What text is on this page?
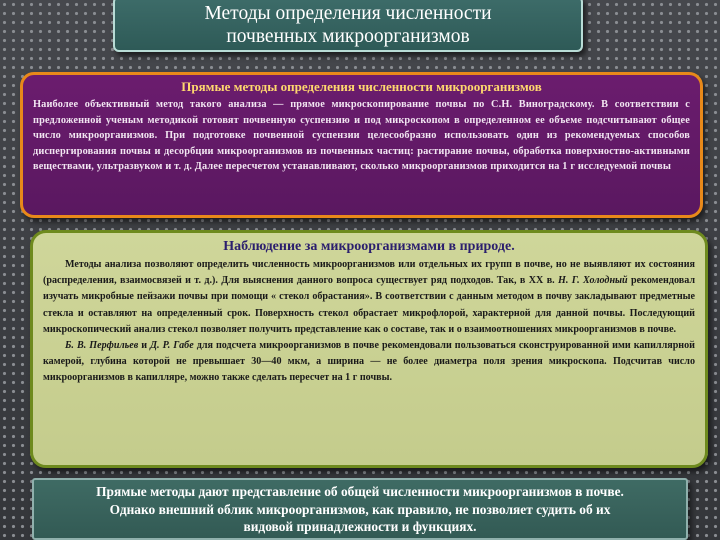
Методы определения численности
почвенных микроорганизмов
Прямые методы определения численности микроорганизмов
Наиболее объективный метод такого анализа — прямое микроскопирование почвы по С.Н. Виноградскому. В соответствии с предложенной ученым методикой готовят почвенную суспензию и под микроскопом в определенном ее объеме подсчитывают общее число микроорганизмов. При подготовке почвенной суспензии целесообразно использовать один из рекомендуемых способов диспергирования почвы и десорбции микроорганизмов из почвенных частиц: растирание почвы, обработка поверхностно-активными веществами, ультразвуком и т. д. Далее пересчетом устанавливают, сколько микроорганизмов приходится на 1 г исследуемой почвы
Наблюдение за микроорганизмами в природе.

Методы анализа позволяют определить численность микроорганизмов или отдельных их групп в почве, но не выявляют их состояния (распределения, взаимосвязей и т. д.). Для выяснения данного вопроса существует ряд подходов. Так, в XX в. Н. Г. Холодный рекомендовал изучать микробные пейзажи почвы при помощи « стекол обрастания». В соответствии с данным методом в почву закладывают предметные стекла и оставляют на определенный срок. Поверхность стекол обрастает микрофлорой, характерной для данной почвы. Последующий микроскопический анализ стекол позволяет получить представление как о составе, так и о взаимоотношениях микроорганизмов в почве.

Б. В. Перфильев и Д. Р. Габе для подсчета микроорганизмов в почве рекомендовали пользоваться сконструированной ими капиллярной камерой, глубина которой не превышает 30—40 мкм, а ширина — не более диаметра поля зрения микроскопа. Подсчитав число микроорганизмов в капилляре, можно также сделать пересчет на 1 г почвы.

Прямые методы дают представление об общей численности микроорганизмов в почве.
Однако внешний облик микроорганизмов, как правило, не позволяет судить об их
видовой принадлежности и функциях.
